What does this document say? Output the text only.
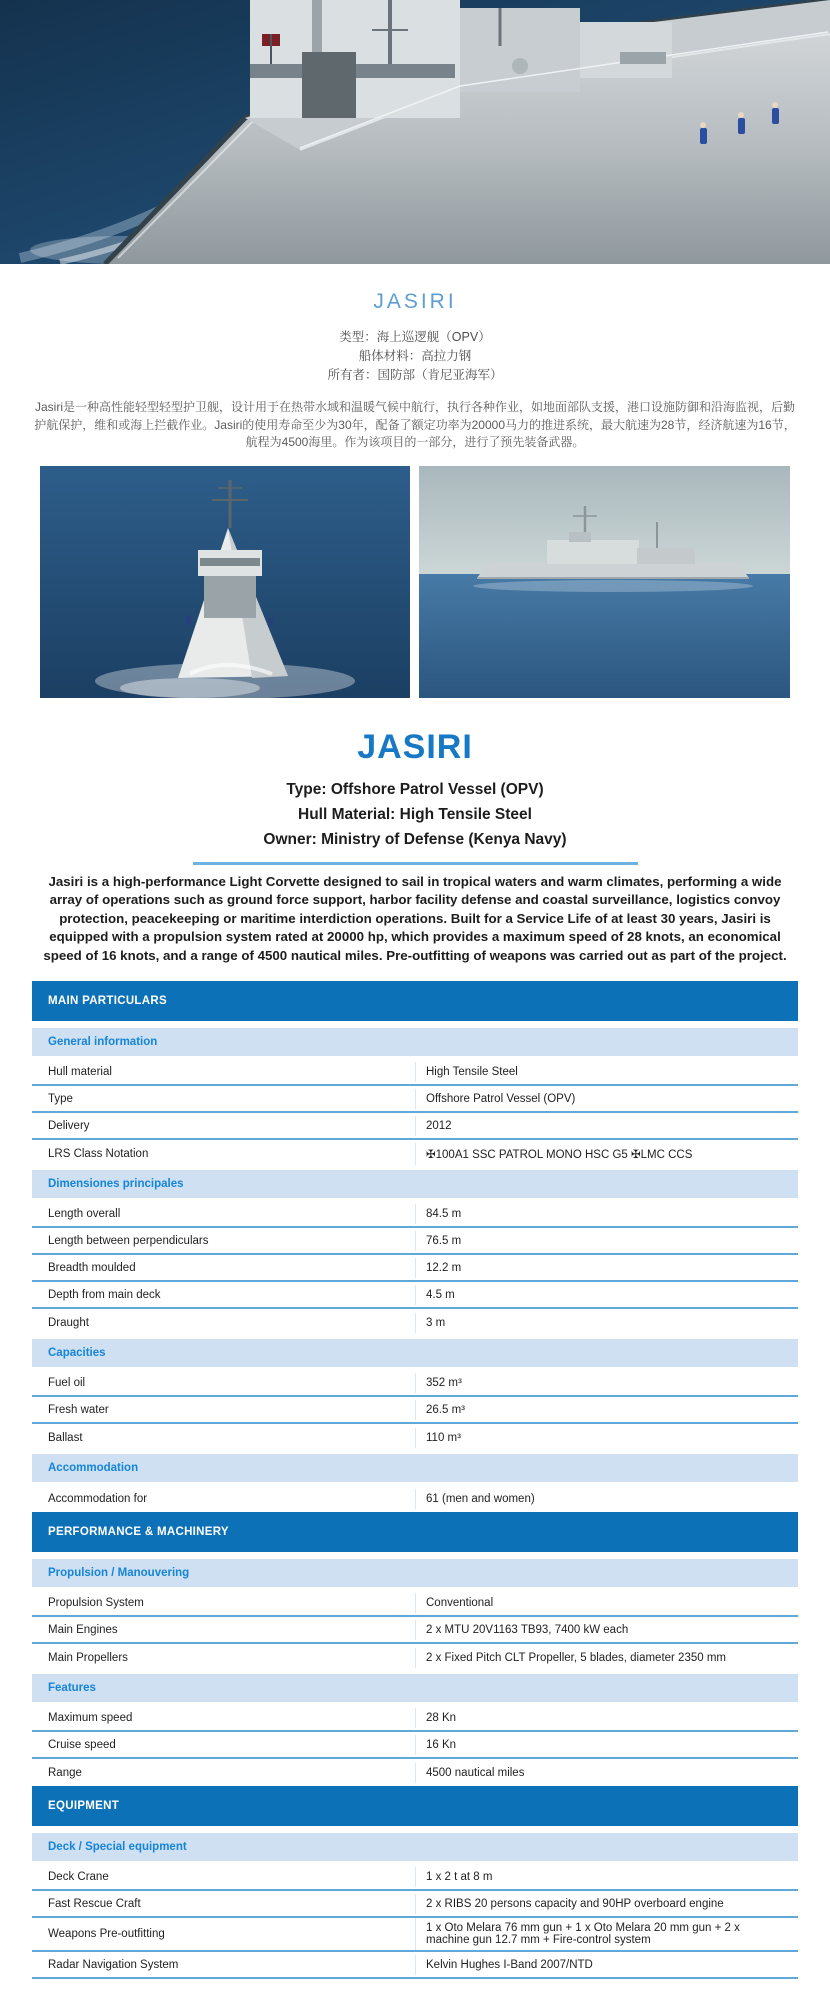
JASIRI
类型：海上巡逻舰（OPV）
船体材料：高拉力钢
所有者：国防部（肯尼亚海军）

Jasiri是一种高性能轻型轻型护卫舰，设计用于在热带水域和温暖气候中航行，执行各种作业，如地面部队支援，港口设施防御和沿海监视，后勤护航保护，维和或海上拦截作业。Jasiri的使用寿命至少为30年，配备了额定功率为20000马力的推进系统，最大航速为28节，经济航速为16节，航程为4500海里。作为该项目的一部分，进行了预先装备武器。

JASIRI
Type: Offshore Patrol Vessel (OPV)
Hull Material: High Tensile Steel
Owner: Ministry of Defense (Kenya Navy)

Jasiri is a high-performance Light Corvette designed to sail in tropical waters and warm climates, performing a wide array of operations such as ground force support, harbor facility defense and coastal surveillance, logistics convoy protection, peacekeeping or maritime interdiction operations. Built for a Service Life of at least 30 years, Jasiri is equipped with a propulsion system rated at 20000 hp, which provides a maximum speed of 28 knots, an economical speed of 16 knots, and a range of 4500 nautical miles. Pre-outfitting of weapons was carried out as part of the project.

MAIN PARTICULARS
General information
Hull material	High Tensile Steel
Type	Offshore Patrol Vessel (OPV)
Delivery	2012
LRS Class Notation	✠100A1 SSC PATROL MONO HSC G5 ✠LMC CCS
Dimensiones principales
Length overall	84.5 m
Length between perpendiculars	76.5 m
Breadth moulded	12.2 m
Depth from main deck	4.5 m
Draught	3 m
Capacities
Fuel oil	352 m³
Fresh water	26.5 m³
Ballast	110 m³
Accommodation
Accommodation for	61 (men and women)
PERFORMANCE & MACHINERY
Propulsion / Manouvering
Propulsion System	Conventional
Main Engines	2 x MTU 20V1163 TB93, 7400 kW each
Main Propellers	2 x Fixed Pitch CLT Propeller, 5 blades, diameter 2350 mm
Features
Maximum speed	28 Kn
Cruise speed	16 Kn
Range	4500 nautical miles
EQUIPMENT
Deck / Special equipment
Deck Crane	1 x 2 t at 8 m
Fast Rescue Craft	2 x RIBS 20 persons capacity and 90HP overboard engine
Weapons Pre-outfitting	1 x Oto Melara 76 mm gun + 1 x Oto Melara 20 mm gun + 2 x machine gun 12.7 mm + Fire-control system
Radar Navigation System	Kelvin Hughes I-Band 2007/NTD
